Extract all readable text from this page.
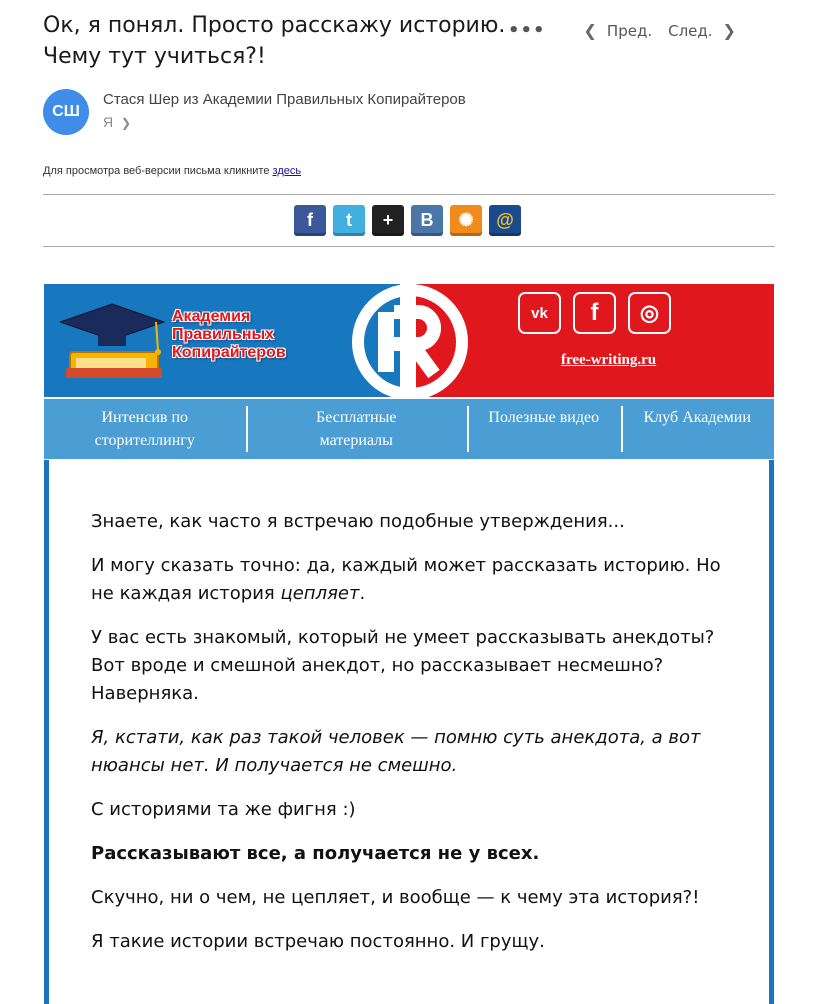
Ок, я понял. Просто расскажу историю. Чему тут учиться?!
••• ❮ Пред. След. ❯
СШ
Стася Шер из Академии Правильных Копирайтеров
Я ❯
Для просмотра веб-версии письма кликните здесь
f	t	+	B	✺	@
Академия
Правильных
Копирайтеров
vk	f	◎
free-writing.ru
Интенсив по сторителлингу
Бесплатные материалы
Полезные видео	Клуб Академии

Знаете, как часто я встречаю подобные утверждения...

И могу сказать точно: да, каждый может рассказать историю. Но не каждая история цепляет.

У вас есть знакомый, который не умеет рассказывать анекдоты? Вот вроде и смешной анекдот, но рассказывает несмешно? Наверняка.

Я, кстати, как раз такой человек — помню суть анекдота, а вот нюансы нет. И получается не смешно.

С историями та же фигня :)

Рассказывают все, а получается не у всех.

Скучно, ни о чем, не цепляет, и вообще — к чему эта история?!

Я такие истории встречаю постоянно. И грущу.
